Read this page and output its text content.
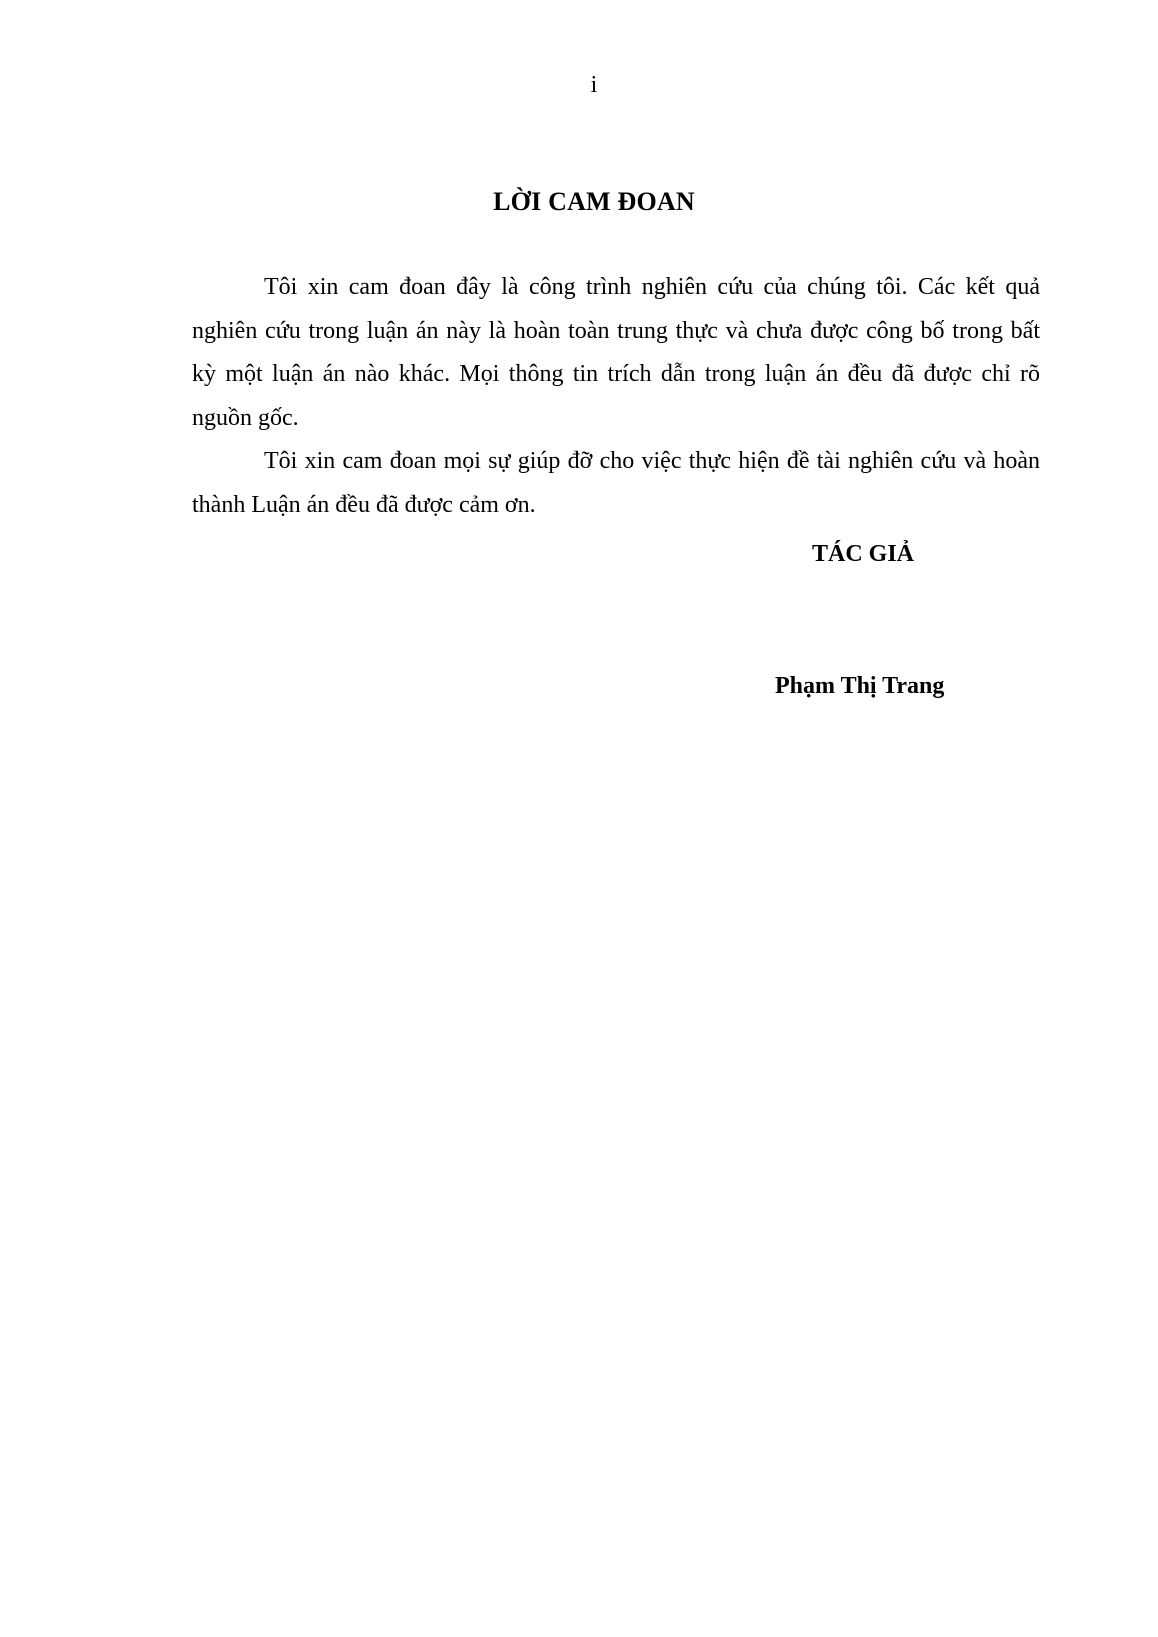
i
LỜI CAM ĐOAN

Tôi xin cam đoan đây là công trình nghiên cứu của chúng tôi. Các kết quả nghiên cứu trong luận án này là hoàn toàn trung thực và chưa được công bố trong bất kỳ một luận án nào khác. Mọi thông tin trích dẫn trong luận án đều đã được chỉ rõ nguồn gốc.

Tôi xin cam đoan mọi sự giúp đỡ cho việc thực hiện đề tài nghiên cứu và hoàn thành Luận án đều đã được cảm ơn.

TÁC GIẢ
Phạm Thị Trang
